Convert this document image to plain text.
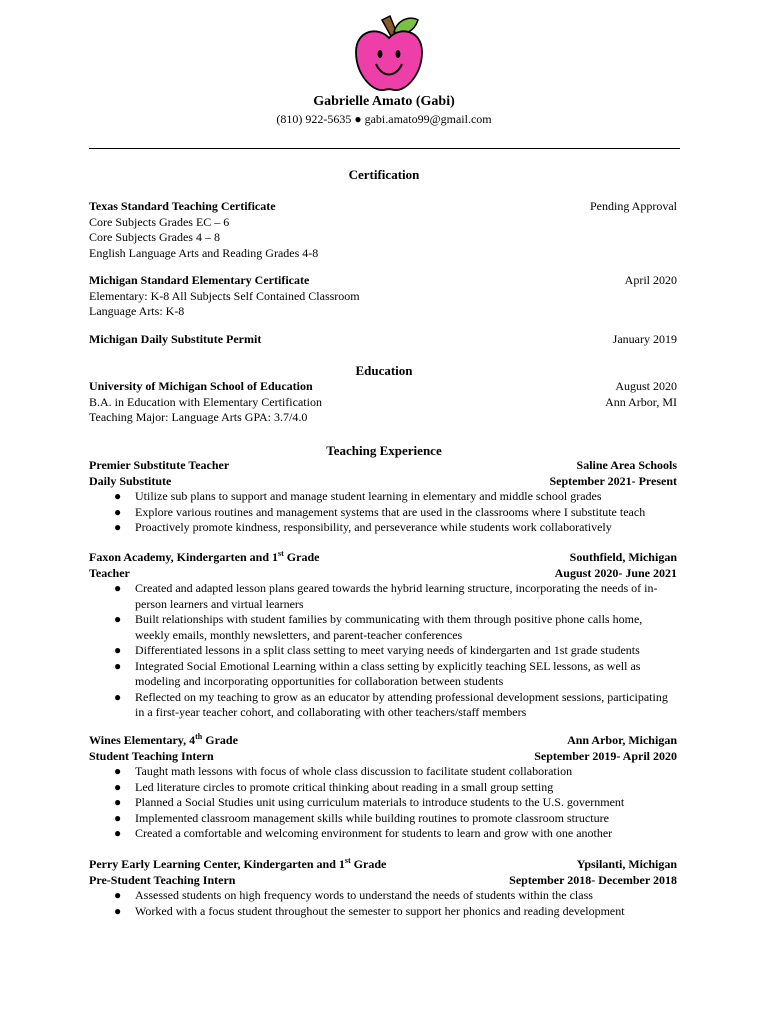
Gabrielle Amato (Gabi)
(810) 922-5635 ● gabi.amato99@gmail.com
Certification
Texas Standard Teaching Certificate	Pending Approval
Core Subjects Grades EC – 6
Core Subjects Grades 4 – 8
English Language Arts and Reading Grades 4-8
Michigan Standard Elementary Certificate	April 2020
Elementary: K-8 All Subjects Self Contained Classroom
Language Arts: K-8
Michigan Daily Substitute Permit	January 2019
Education
University of Michigan School of Education	August 2020
B.A. in Education with Elementary Certification	Ann Arbor, MI
Teaching Major: Language Arts GPA: 3.7/4.0
Teaching Experience
Premier Substitute Teacher	Saline Area Schools
Daily Substitute	September 2021- Present
● Utilize sub plans to support and manage student learning in elementary and middle school grades
● Explore various routines and management systems that are used in the classrooms where I substitute teach
● Proactively promote kindness, responsibility, and perseverance while students work collaboratively
Faxon Academy, Kindergarten and 1st Grade	Southfield, Michigan
Teacher	August 2020- June 2021
● Created and adapted lesson plans geared towards the hybrid learning structure, incorporating the needs of in-person learners and virtual learners
● Built relationships with student families by communicating with them through positive phone calls home, weekly emails, monthly newsletters, and parent-teacher conferences
● Differentiated lessons in a split class setting to meet varying needs of kindergarten and 1st grade students
● Integrated Social Emotional Learning within a class setting by explicitly teaching SEL lessons, as well as modeling and incorporating opportunities for collaboration between students
● Reflected on my teaching to grow as an educator by attending professional development sessions, participating in a first-year teacher cohort, and collaborating with other teachers/staff members
Wines Elementary, 4th Grade	Ann Arbor, Michigan
Student Teaching Intern	September 2019- April 2020
● Taught math lessons with focus of whole class discussion to facilitate student collaboration
● Led literature circles to promote critical thinking about reading in a small group setting
● Planned a Social Studies unit using curriculum materials to introduce students to the U.S. government
● Implemented classroom management skills while building routines to promote classroom structure
● Created a comfortable and welcoming environment for students to learn and grow with one another
Perry Early Learning Center, Kindergarten and 1st Grade	Ypsilanti, Michigan
Pre-Student Teaching Intern	September 2018- December 2018
● Assessed students on high frequency words to understand the needs of students within the class
● Worked with a focus student throughout the semester to support her phonics and reading development
